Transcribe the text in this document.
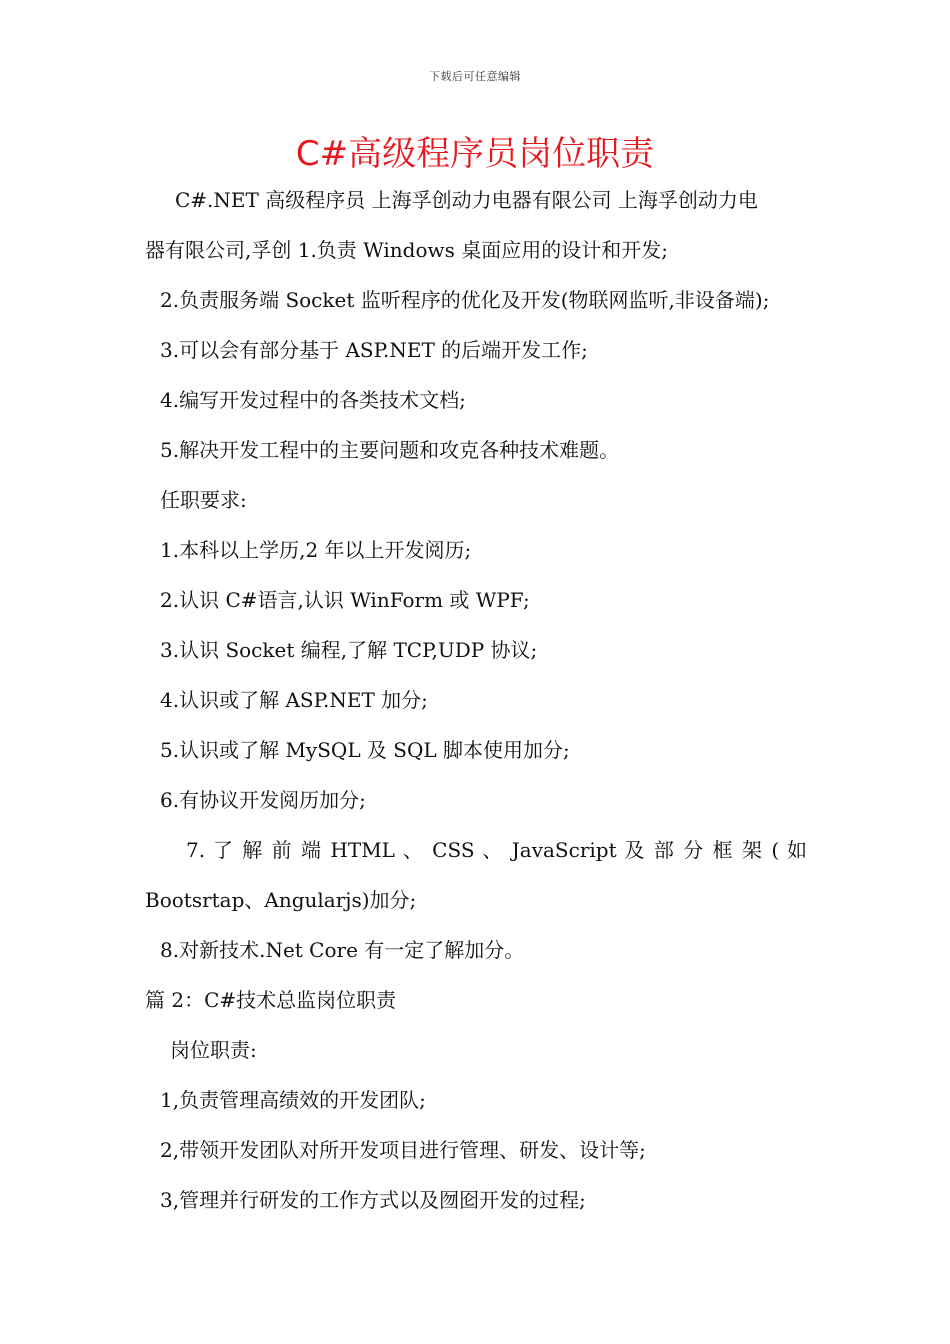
下载后可任意编辑
C#高级程序员岗位职责
C#.NET 高级程序员 上海孚创动力电器有限公司 上海孚创动力电
器有限公司,孚创 1.负责 Windows 桌面应用的设计和开发;
2.负责服务端 Socket 监听程序的优化及开发(物联网监听,非设备端);
3.可以会有部分基于 ASP.NET 的后端开发工作;
4.编写开发过程中的各类技术文档;
5.解决开发工程中的主要问题和攻克各种技术难题。
任职要求:
1.本科以上学历,2 年以上开发阅历;
2.认识 C#语言,认识 WinForm 或 WPF;
3.认识 Socket 编程,了解 TCP,UDP 协议;
4.认识或了解 ASP.NET 加分;
5.认识或了解 MySQL 及 SQL 脚本使用加分;
6.有协议开发阅历加分;
7. 了 解 前 端 HTML 、 CSS 、 JavaScript 及 部 分 框 架 ( 如
Bootsrtap、Angularjs)加分;
8.对新技术.Net Core 有一定了解加分。
篇 2：C#技术总监岗位职责
岗位职责:
1,负责管理高绩效的开发团队;
2,带领开发团队对所开发项目进行管理、研发、设计等;
3,管理并行研发的工作方式以及囫囵开发的过程;
